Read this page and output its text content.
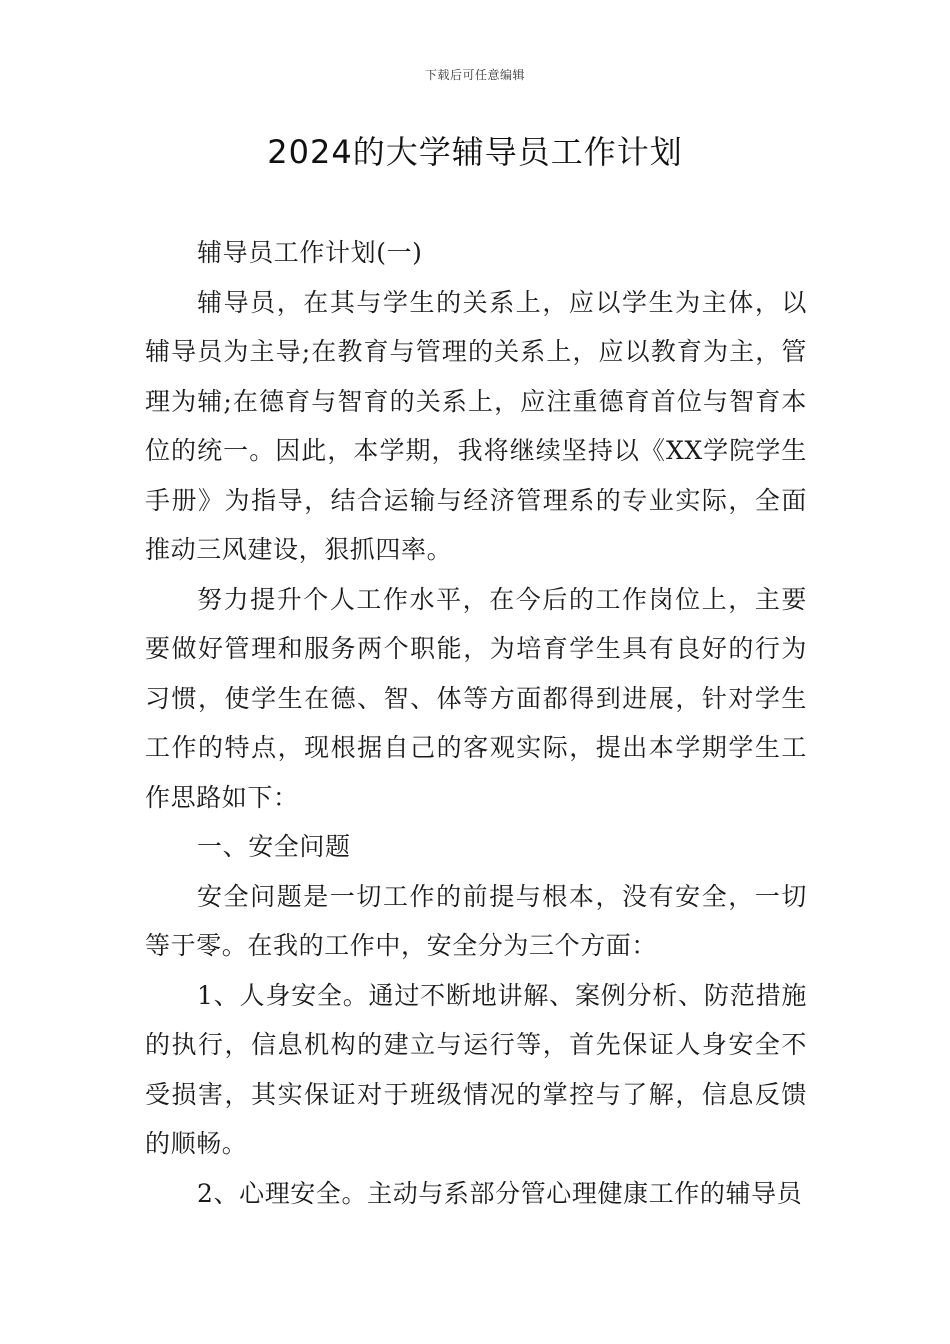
下载后可任意编辑
2024的大学辅导员工作计划

辅导员工作计划(一)

辅导员，在其与学生的关系上，应以学生为主体，以辅导员为主导;在教育与管理的关系上，应以教育为主，管理为辅;在德育与智育的关系上，应注重德育首位与智育本位的统一。因此，本学期，我将继续坚持以《XX学院学生手册》为指导，结合运输与经济管理系的专业实际，全面推动三风建设，狠抓四率。

努力提升个人工作水平，在今后的工作岗位上，主要要做好管理和服务两个职能，为培育学生具有良好的行为习惯，使学生在德、智、体等方面都得到进展，针对学生工作的特点，现根据自己的客观实际，提出本学期学生工作思路如下：

一、安全问题

安全问题是一切工作的前提与根本，没有安全，一切等于零。在我的工作中，安全分为三个方面：

1、人身安全。通过不断地讲解、案例分析、防范措施的执行，信息机构的建立与运行等，首先保证人身安全不受损害，其实保证对于班级情况的掌控与了解，信息反馈的顺畅。

2、心理安全。主动与系部分管心理健康工作的辅导员
